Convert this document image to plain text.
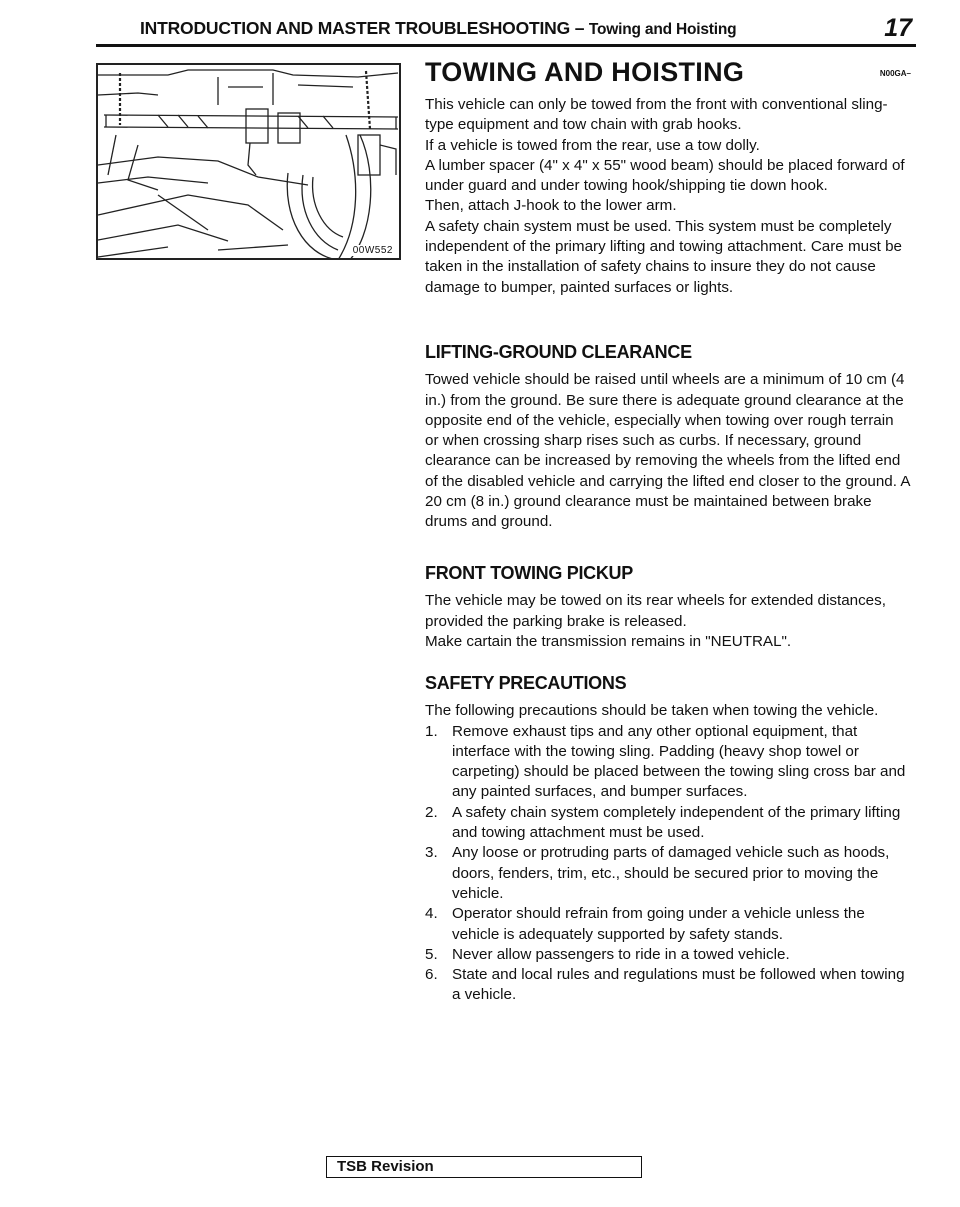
INTRODUCTION AND MASTER TROUBLESHOOTING – Towing and Hoisting	17
00W552
TOWING AND HOISTING	N00GA–

This vehicle can only be towed from the front with conventional sling-type equipment and tow chain with grab hooks.

If a vehicle is towed from the rear, use a tow dolly.

A lumber spacer (4" x 4" x 55" wood beam) should be placed forward of under guard and under towing hook/shipping tie down hook.

Then, attach J-hook to the lower arm.

A safety chain system must be used. This system must be completely independent of the primary lifting and towing attachment. Care must be taken in the installation of safety chains to insure they do not cause damage to bumper, painted surfaces or lights.

LIFTING-GROUND CLEARANCE

Towed vehicle should be raised until wheels are a minimum of 10 cm (4 in.) from the ground. Be sure there is adequate ground clearance at the opposite end of the vehicle, especially when towing over rough terrain or when crossing sharp rises such as curbs. If necessary, ground clearance can be increased by removing the wheels from the lifted end of the disabled vehicle and carrying the lifted end closer to the ground. A 20 cm (8 in.) ground clearance must be maintained between brake drums and ground.

FRONT TOWING PICKUP

The vehicle may be towed on its rear wheels for extended distances, provided the parking brake is released.

Make cartain the transmission remains in "NEUTRAL".

SAFETY PRECAUTIONS

The following precautions should be taken when towing the vehicle.

1. Remove exhaust tips and any other optional equipment, that interface with the towing sling. Padding (heavy shop towel or carpeting) should be placed between the towing sling cross bar and any painted surfaces, and bumper surfaces.
2. A safety chain system completely independent of the primary lifting and towing attachment must be used.
3. Any loose or protruding parts of damaged vehicle such as hoods, doors, fenders, trim, etc., should be secured prior to moving the vehicle.
4. Operator should refrain from going under a vehicle unless the vehicle is adequately supported by safety stands.
5. Never allow passengers to ride in a towed vehicle.
6. State and local rules and regulations must be followed when towing a vehicle.
TSB Revision
